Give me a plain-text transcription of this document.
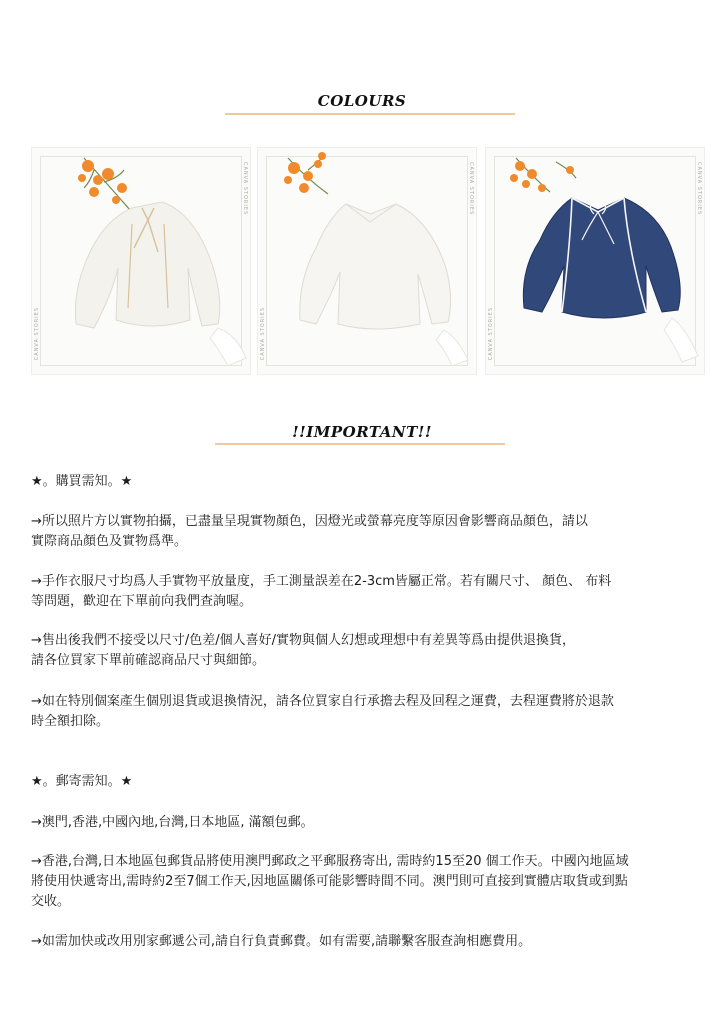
COLOURS
CANVA STORIES
CANVA STORIES
CANVA STORIES
CANVA STORIES
CANVA STORIES
CANVA STORIES
!!IMPORTANT!!

★。購買需知。★

→所以照片方以實物拍攝，已盡量呈現實物顏色，因燈光或螢幕亮度等原因會影響商品顏色，請以

實際商品顏色及實物爲準。

→手作衣服尺寸均爲人手實物平放量度，手工測量誤差在2-3cm皆屬正常。若有關尺寸、 顏色、 布料

等問題，歡迎在下單前向我們查詢喔。

→售出後我們不接受以尺寸/色差/個人喜好/實物與個人幻想或理想中有差異等爲由提供退換貨，

請各位買家下單前確認商品尺寸與細節。

→如在特別個案產生個別退貨或退換情況，請各位買家自行承擔去程及回程之運費，去程運費將於退款

時全額扣除。

★。郵寄需知。★

→澳門,香港,中國內地,台灣,日本地區, 滿額包郵。

→香港,台灣,日本地區包郵貨品將使用澳門郵政之平郵服務寄出, 需時約15至20 個工作天。中國內地區域

將使用快遞寄出,需時約2至7個工作天,因地區關係可能影響時間不同。澳門則可直接到實體店取貨或到點

交收。

→如需加快或改用別家郵遞公司,請自行負責郵費。如有需要,請聯繫客服查詢相應費用。
